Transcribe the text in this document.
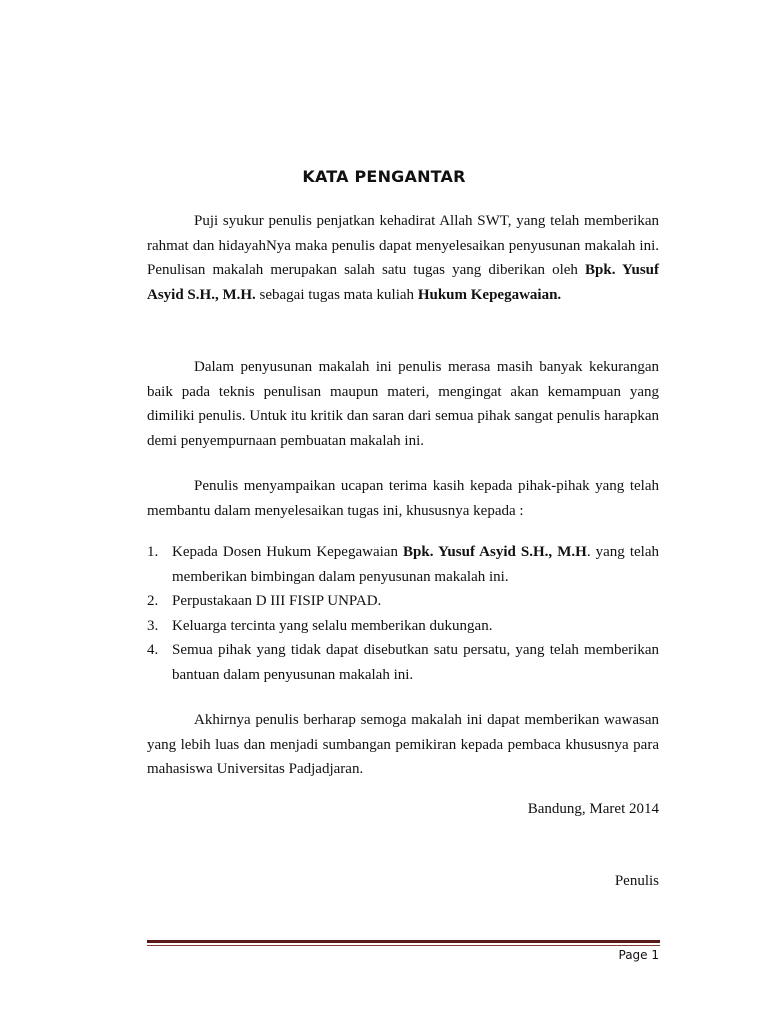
KATA PENGANTAR

Puji syukur penulis penjatkan kehadirat Allah SWT, yang telah memberikan rahmat dan hidayahNya maka penulis dapat menyelesaikan penyusunan makalah ini. Penulisan makalah merupakan salah satu tugas yang diberikan oleh Bpk. Yusuf Asyid S.H., M.H. sebagai tugas mata kuliah Hukum Kepegawaian.

Dalam penyusunan makalah ini penulis merasa masih banyak kekurangan baik pada teknis penulisan maupun materi, mengingat akan kemampuan yang dimiliki penulis. Untuk itu kritik dan saran dari semua pihak sangat penulis harapkan demi penyempurnaan pembuatan makalah ini.

Penulis menyampaikan ucapan terima kasih kepada pihak-pihak yang telah membantu dalam menyelesaikan tugas ini, khususnya kepada :

1. Kepada Dosen Hukum Kepegawaian Bpk. Yusuf Asyid S.H., M.H. yang telah memberikan bimbingan dalam penyusunan makalah ini.
2. Perpustakaan D III FISIP UNPAD.
3. Keluarga tercinta yang selalu memberikan dukungan.
4. Semua pihak yang tidak dapat disebutkan satu persatu, yang telah memberikan bantuan dalam penyusunan makalah ini.

Akhirnya penulis berharap semoga makalah ini dapat memberikan wawasan yang lebih luas dan menjadi sumbangan pemikiran kepada pembaca khususnya para mahasiswa Universitas Padjadjaran.

Bandung, Maret 2014

Penulis

Page 1
